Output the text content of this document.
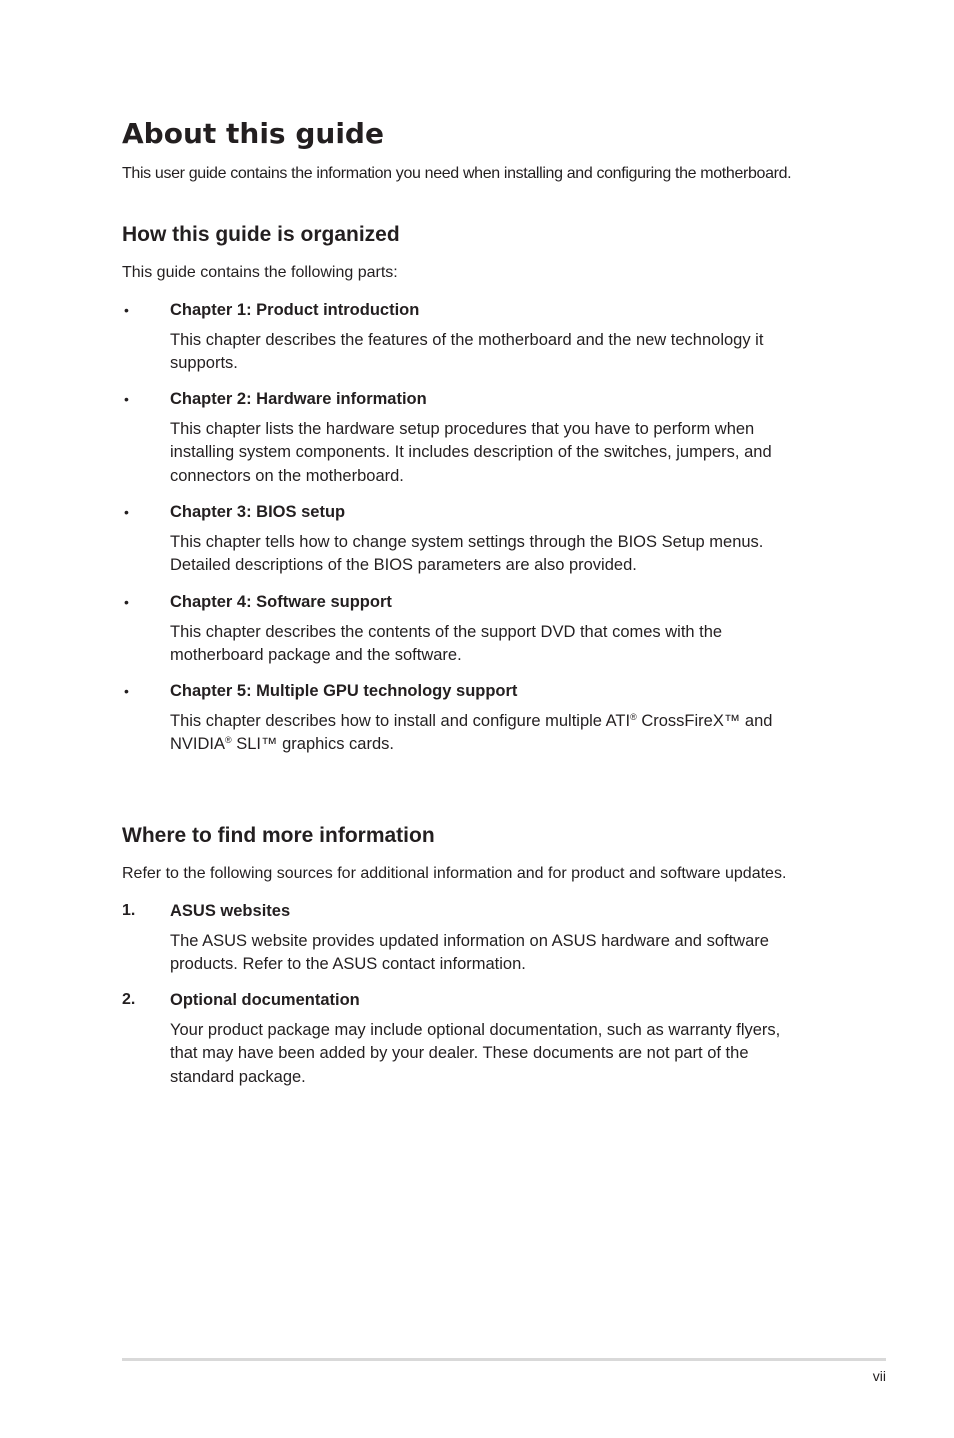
About this guide

This user guide contains the information you need when installing and configuring the motherboard.

How this guide is organized

This guide contains the following parts:

• Chapter 1: Product introduction

This chapter describes the features of the motherboard and the new technology it
supports.

• Chapter 2: Hardware information

This chapter lists the hardware setup procedures that you have to perform when
installing system components. It includes description of the switches, jumpers, and
connectors on the motherboard.

• Chapter 3: BIOS setup

This chapter tells how to change system settings through the BIOS Setup menus.
Detailed descriptions of the BIOS parameters are also provided.

• Chapter 4: Software support

This chapter describes the contents of the support DVD that comes with the
motherboard package and the software.

• Chapter 5: Multiple GPU technology support

This chapter describes how to install and configure multiple ATI® CrossFireX™ and
NVIDIA® SLI™ graphics cards.

Where to find more information

Refer to the following sources for additional information and for product and software updates.

1. ASUS websites

The ASUS website provides updated information on ASUS hardware and software
products. Refer to the ASUS contact information.

2. Optional documentation

Your product package may include optional documentation, such as warranty flyers,
that may have been added by your dealer. These documents are not part of the
standard package.

vii
